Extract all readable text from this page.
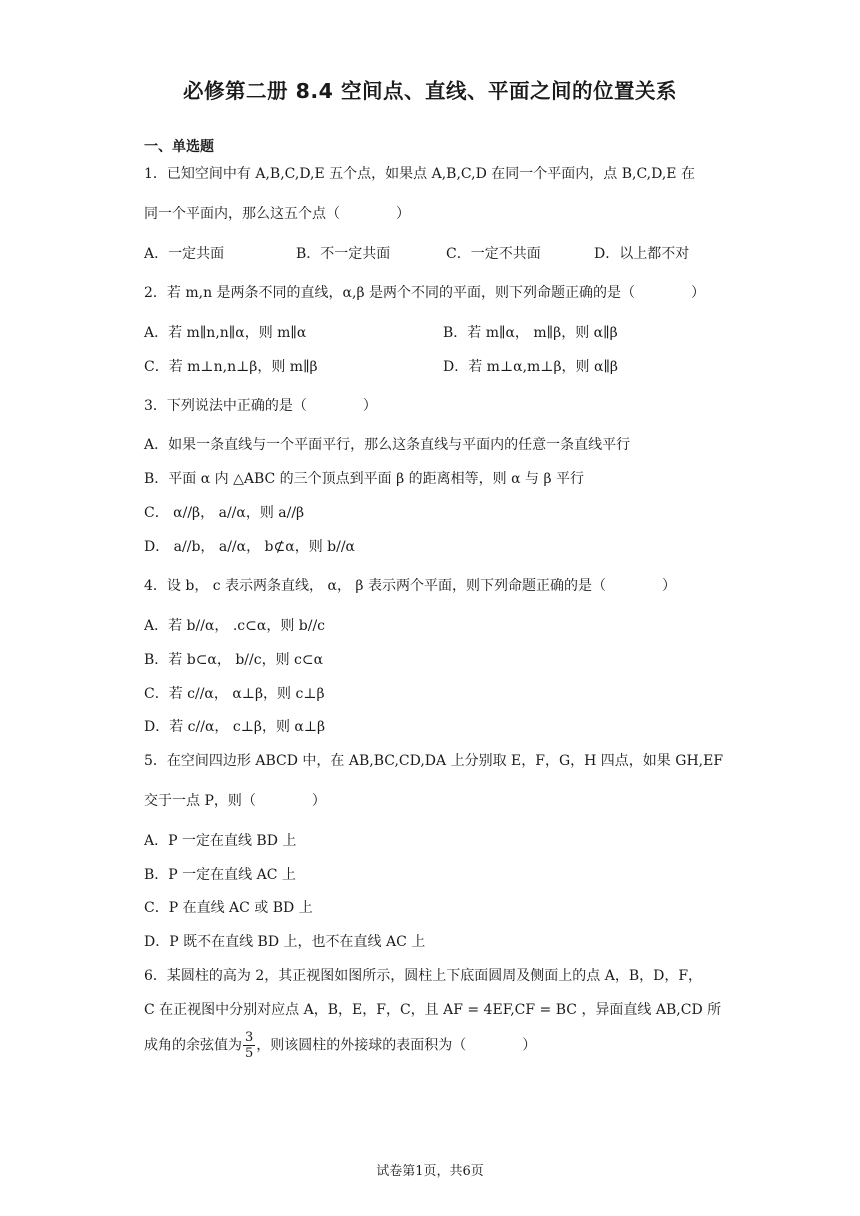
必修第二册 8.4 空间点、直线、平面之间的位置关系
一、单选题
1．已知空间中有 A,B,C,D,E 五个点，如果点 A,B,C,D 在同一个平面内，点 B,C,D,E 在
同一个平面内，那么这五个点（	）
A．一定共面	B．不一定共面	C．一定不共面	D．以上都不对
2．若 m,n 是两条不同的直线，α,β 是两个不同的平面，则下列命题正确的是（	）
A．若 m∥n,n∥α，则 m∥α	B．若 m∥α， m∥β，则 α∥β
C．若 m⊥n,n⊥β，则 m∥β	D．若 m⊥α,m⊥β，则 α∥β
3．下列说法中正确的是（	）
A．如果一条直线与一个平面平行，那么这条直线与平面内的任意一条直线平行
B．平面 α 内 △ABC 的三个顶点到平面 β 的距离相等，则 α 与 β 平行
C． α//β， a//α，则 a//β
D． a//b， a//α， b⊄α，则 b//α
4．设 b， c 表示两条直线， α， β 表示两个平面，则下列命题正确的是（	）
A．若 b//α， .c⊂α，则 b//c
B．若 b⊂α， b//c，则 c⊂α
C．若 c//α， α⊥β，则 c⊥β
D．若 c//α， c⊥β，则 α⊥β
5．在空间四边形 ABCD 中，在 AB,BC,CD,DA 上分别取 E，F，G，H 四点，如果 GH,EF
交于一点 P，则（	）
A．P 一定在直线 BD 上
B．P 一定在直线 AC 上
C．P 在直线 AC 或 BD 上
D．P 既不在直线 BD 上，也不在直线 AC 上
6．某圆柱的高为 2，其正视图如图所示，圆柱上下底面圆周及侧面上的点 A，B，D，F，
C 在正视图中分别对应点 A，B，E，F，C，且 AF = 4EF,CF = BC ，异面直线 AB,CD 所
成角的余弦值为 $\frac{3}{5}$ ，则该圆柱的外接球的表面积为（	）
试卷第1页，共6页
